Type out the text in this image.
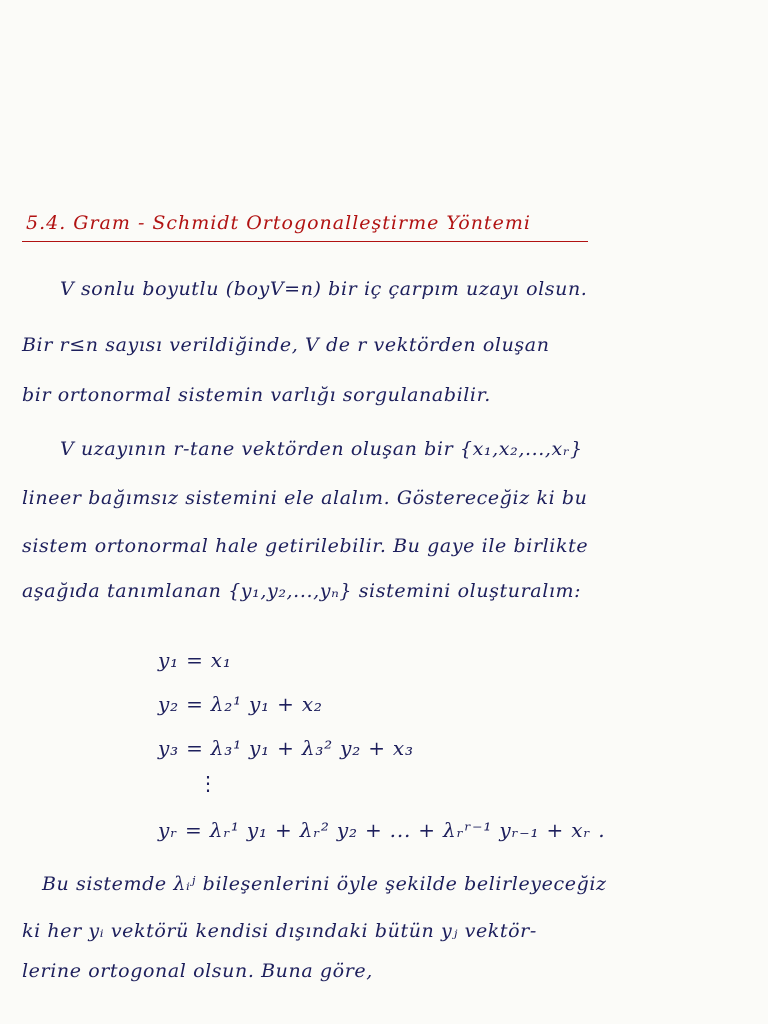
5.4. Gram - Schmidt Ortogonalleştirme Yöntemi
V sonlu boyutlu (boyV=n) bir iç çarpım uzayı olsun.
Bir r≤n sayısı verildiğinde, V de r vektörden oluşan
bir ortonormal sistemin varlığı sorgulanabilir.
V uzayının r-tane vektörden oluşan bir {x₁,x₂,...,xᵣ}
lineer bağımsız sistemini ele alalım. Göstereceğiz ki bu
sistem ortonormal hale getirilebilir. Bu gaye ile birlikte
aşağıda tanımlanan {y₁,y₂,...,yₙ} sistemini oluşturalım:
y₁ = x₁
y₂ = λ₂¹ y₁ + x₂
y₃ = λ₃¹ y₁ + λ₃² y₂ + x₃
⋮
yᵣ = λᵣ¹ y₁ + λᵣ² y₂ + ... + λᵣʳ⁻¹ yᵣ₋₁ + xᵣ .
Bu sistemde λᵢʲ bileşenlerini öyle şekilde belirleyeceğiz
ki her yᵢ vektörü kendisi dışındaki bütün yⱼ vektör-
lerine ortogonal olsun. Buna göre,
